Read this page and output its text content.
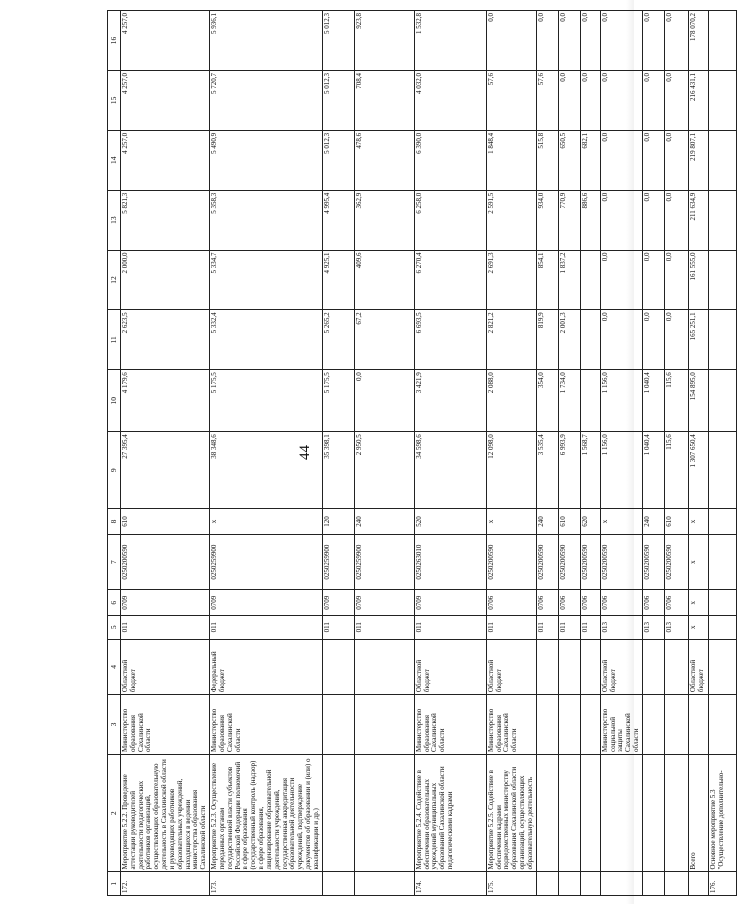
44
1	2	3	4	5	6	7	8	9	10	11	12	13	14	15	16
172.	Мероприятие 5.2.2. Проведение аттестации руководителей деятельности педагогических работников организаций, осуществляющих образовательную деятельность в Сахалинской области и руководящих работников образовательных учреждений, находящихся в ведении министерства образования Сахалинской области	Министерство образования Сахалинской области	Областной бюджет	011	0709	0250200590	610	27 395,4	4 179,6	2 623,5	2 000,0	5 821,3	4 257,0	4 257,0	4 257,0
173.	Мероприятие 5.2.3. Осуществление переданных органам государственной власти субъектов Российской Федерации полномочий в сфере образования (государственный контроль (надзор) в сфере образования, лицензирование образовательной деятельности учреждений, государственная аккредитация образовательной деятельности учреждений, подтверждение документов об образовании и (или) о квалификации и др.)	Министерство образования Сахалинской области	Федеральный бюджет	011	0709	0250259900	x	38 348,6	5 175,5	5 332,4	5 334,7	5 358,3	5 490,9	5 720,7	5 936,1
				011	0709	0250259900	120	35 398,1	5 175,5	5 265,2	4 925,1	4 995,4	5 012,3	5 012,3	5 012,3
				011	0709	0250259900	240	2 950,5	0,0	67,2	409,6	362,9	478,6	708,4	923,8
174.	Мероприятие 5.2.4. Содействие в обеспечении образовательных учреждений муниципальных образований Сахалинской области педагогическими кадрами	Министерство образования Сахалинской области	Областной бюджет	011	0709	0250263010	520	34 598,6	3 421,9	6 693,5	6 270,4	6 258,0	6 390,0	4 032,0	1 532,8
175.	Мероприятие 5.2.5. Содействие в обеспечении кадрами подведомственных министерству образования Сахалинской области организаций, осуществляющих образовательную деятельность	Министерство образования Сахалинской области	Областной бюджет	011	0706	0250200590	x	12 098,0	2 088,0	2 821,2	2 691,3	2 591,5	1 848,4	57,6	0,0
				011	0706	0250200590	240	3 535,4	354,0	819,9	854,1	934,0	515,8	57,6	0,0
				011	0706	0250200590	610	6 993,9	1 734,0	2 001,3	1 837,2	770,9	650,5	0,0	0,0
				011	0706	0250200590	620	1 568,7				886,6	682,1	0,0	0,0
		Министерство социальной защиты Сахалинской области	Областной бюджет	013	0706	0250200590	x	1 156,0	1 156,0	0,0	0,0	0,0	0,0	0,0	0,0
				013	0706	0250200590	240	1 040,4	1 040,4	0,0	0,0	0,0	0,0	0,0	0,0
				013	0706	0250200590	610	115,6	115,6	0,0	0,0	0,0	0,0	0,0	0,0
	Всего		Областной бюджет	x	x	x	x	1 307 650,4	154 895,0	165 251,1	161 555,0	211 634,9	219 807,1	216 431,1	178 070,2
176.	Основное мероприятие 5.3 "Осуществление дополнительно-														
